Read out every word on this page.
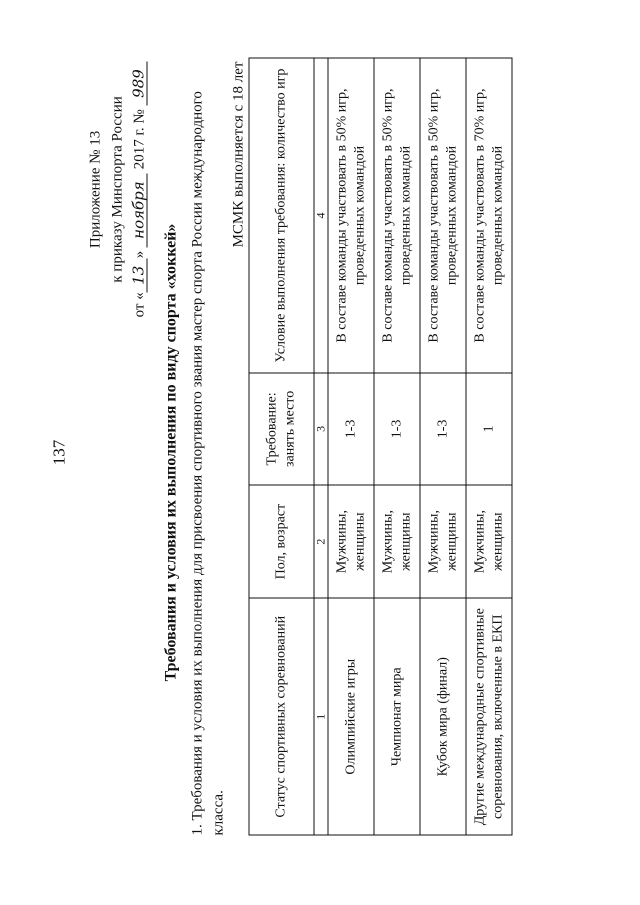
137
Приложение № 13 к приказу Минспорта России
от «13» ноября 2017 г. № 989
Требования и условия их выполнения по виду спорта «хоккей» 1. Требования и условия их выполнения для присвоения спортивного звания мастер спорта России международного класса.
МСМК выполняется с 18 лет
Статус спортивных соревнований	Пол, возраст	Требование: занять место	Условие выполнения требования: количество игр
1	2	3	4
Олимпийские игры	Мужчины, женщины	1-3	В составе команды участвовать в 50% игр, проведенных командой
Чемпионат мира	Мужчины, женщины	1-3	В составе команды участвовать в 50% игр, проведенных командой
Кубок мира (финал)	Мужчины, женщины	1-3	В составе команды участвовать в 50% игр, проведенных командой
Другие международные спортивные соревнования, включенные в ЕКП	Мужчины, женщины	1	В составе команды участвовать в 70% игр, проведенных командой
